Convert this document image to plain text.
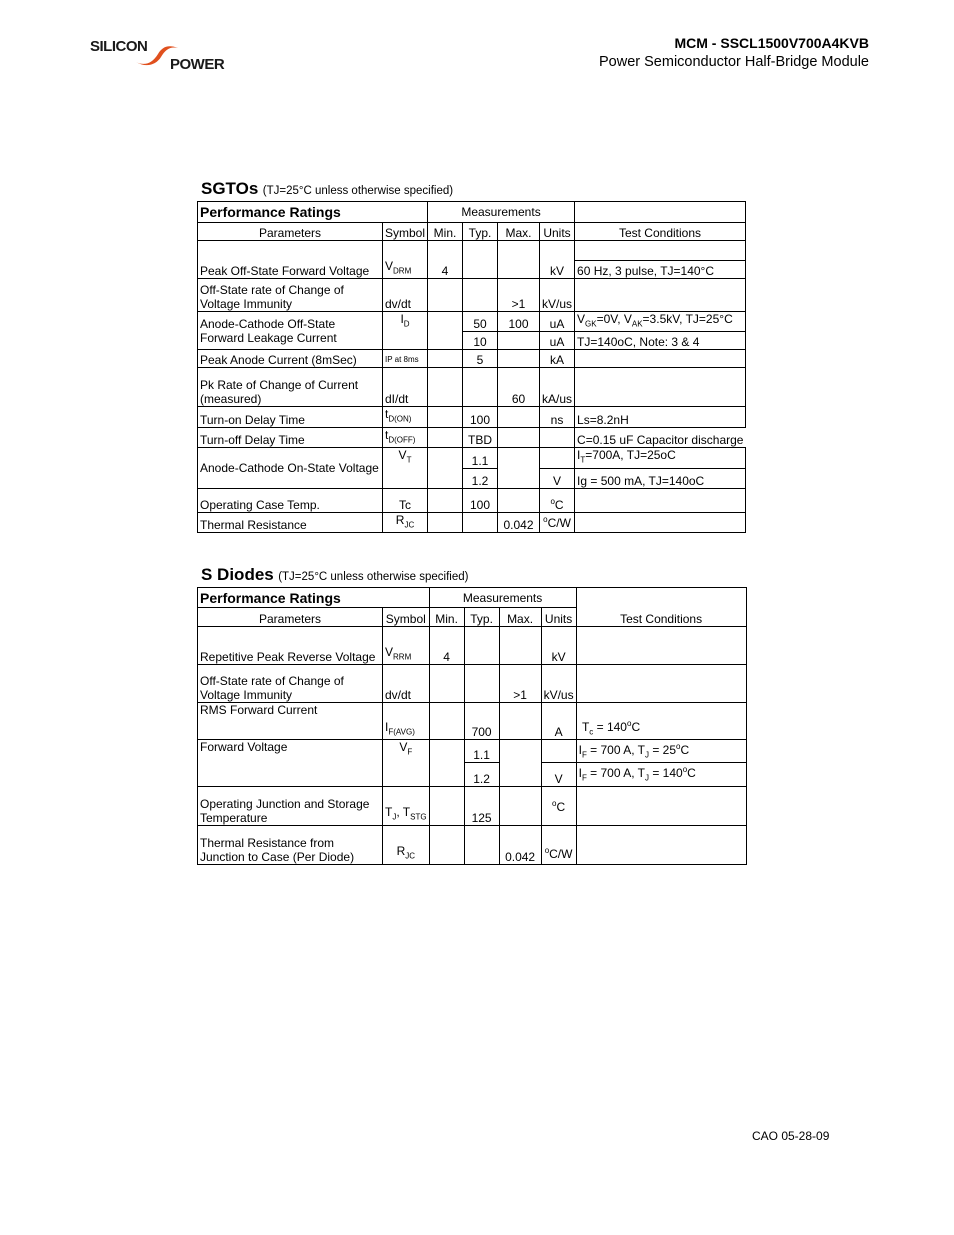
SILICON
POWER
MCM - SSCL1500V700A4KVB
Power Semiconductor Half-Bridge Module
SGTOs (TJ=25°C unless otherwise specified)
Performance Ratings		Measurements				
Parameters	Symbol	Min.	Typ.	Max.	Units	Test Conditions
Peak Off-State Forward Voltage	$V_{DRM}$	4			kV	
						60 Hz, 3 pulse, TJ=140°C
Off-State rate of Change of Voltage Immunity	dv/dt			>1	kV/us	
Anode-Cathode Off-State Forward Leakage Current	$I_D$		50	100	uA	$V_{GK}=0V$, $V_{AK}=3.5kV$, TJ=25°C
			10		uA	TJ=140oC, Note: 3 & 4
Peak Anode Current (8mSec)	IP at 8ms		5		kA	
Pk Rate of Change of Current (measured)	dI/dt			60	kA/us	
Turn-on Delay Time	$t_{D(ON)}$		100		ns	Ls=8.2nH
Turn-off Delay Time	$t_{D(OFF)}$		TBD			C=0.15 uF Capacitor discharge
Anode-Cathode On-State Voltage	$V_T$		1.1			$I_T=700A$, TJ=25oC
			1.2		V	Ig = 500 mA, TJ=140oC
Operating Case Temp.	Tc		100		$^o$C	
Thermal Resistance	$R_{JC}$			0.042	$^o$C/W	
S Diodes (TJ=25°C unless otherwise specified)
Performance Ratings		Measurements				Test Conditions
Parameters	Symbol	Min.	Typ.	Max.	Units	
Repetitive Peak Reverse Voltage	$V_{RRM}$	4			kV	
Off-State rate of Change of Voltage Immunity	dv/dt			>1	kV/us	
RMS Forward Current	$I_{F(AVG)}$		700		A	$T_c = 140^oC$
Forward Voltage	$V_F$		1.1			$I_F = 700$ A, $T_J = 25^oC$
			1.2		V	$I_F = 700$ A, $T_J = 140^oC$
Operating Junction and Storage Temperature	$T_J$, $T_{STG}$		125		$^o$C	
Thermal Resistance from Junction to Case (Per Diode)	$R_{JC}$			0.042	$^o$C/W	
CAO 05-28-09
